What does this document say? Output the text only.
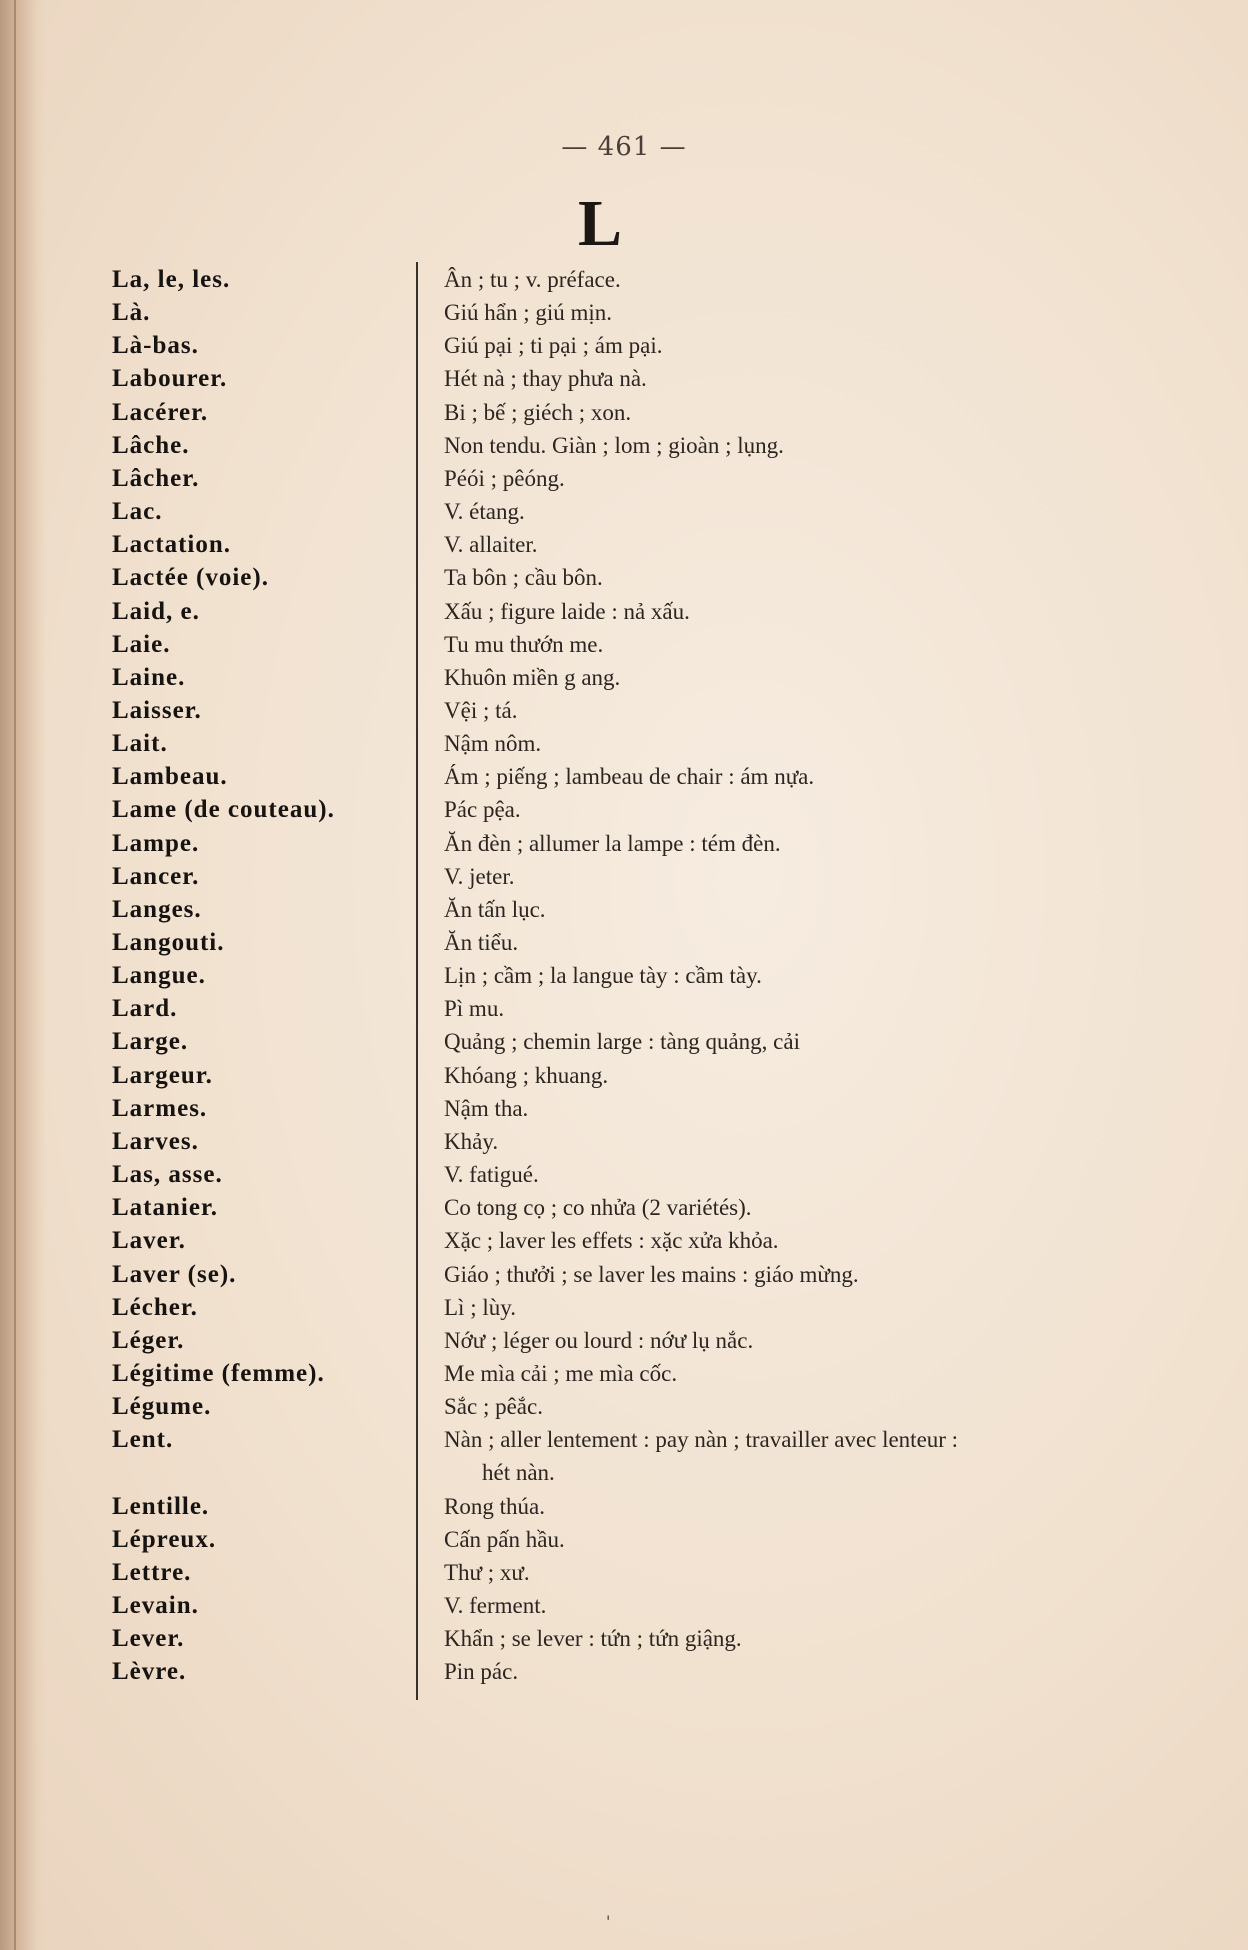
— 461 —
L
La, le, les.	Ân ; tu ; v. préface.
Là.	Giú hẩn ; giú mịn.
Là-bas.	Giú pại ; ti pại ; ám pại.
Labourer.	Hét nà ; thay phưa nà.
Lacérer.	Bi ; bế ; giéch ; xon.
Lâche.	Non tendu. Giàn ; lom ; gioàn ; lụng.
Lâcher.	Péói ; pêóng.
Lac.	V. étang.
Lactation.	V. allaiter.
Lactée (voie).	Ta bôn ; cầu bôn.
Laid, e.	Xấu ; figure laide : nả xấu.
Laie.	Tu mu thướn me.
Laine.	Khuôn miền g ang.
Laisser.	Vệi ; tá.
Lait.	Nậm nôm.
Lambeau.	Ám ; piếng ; lambeau de chair : ám nựa.
Lame (de couteau).	Pác pệa.
Lampe.	Ăn đèn ; allumer la lampe : tém đèn.
Lancer.	V. jeter.
Langes.	Ăn tấn lục.
Langouti.	Ăn tiểu.
Langue.	Lịn ; cầm ; la langue tày : cầm tày.
Lard.	Pì mu.
Large.	Quảng ; chemin large : tàng quảng, cải
Largeur.	Khóang ; khuang.
Larmes.	Nậm tha.
Larves.	Khảy.
Las, asse.	V. fatigué.
Latanier.	Co tong cọ ; co nhửa (2 variétés).
Laver.	Xặc ; laver les effets : xặc xửa khỏa.
Laver (se).	Giáo ; thưởi ; se laver les mains : giáo mừng.
Lécher.	Lì ; lùy.
Léger.	Nớư ; léger ou lourd : nớư lụ nắc.
Légitime (femme).	Me mìa cải ; me mìa cốc.
Légume.	Sắc ; pêắc.
Lent.	Nàn ; aller lentement : pay nàn ; travailler avec lenteur :
hét nàn.
Lentille.	Rong thúa.
Lépreux.	Cấn pấn hầu.
Lettre.	Thư ; xư.
Levain.	V. ferment.
Lever.	Khẩn ; se lever : tứn ; tứn giậng.
Lèvre.	Pin pác.
'
